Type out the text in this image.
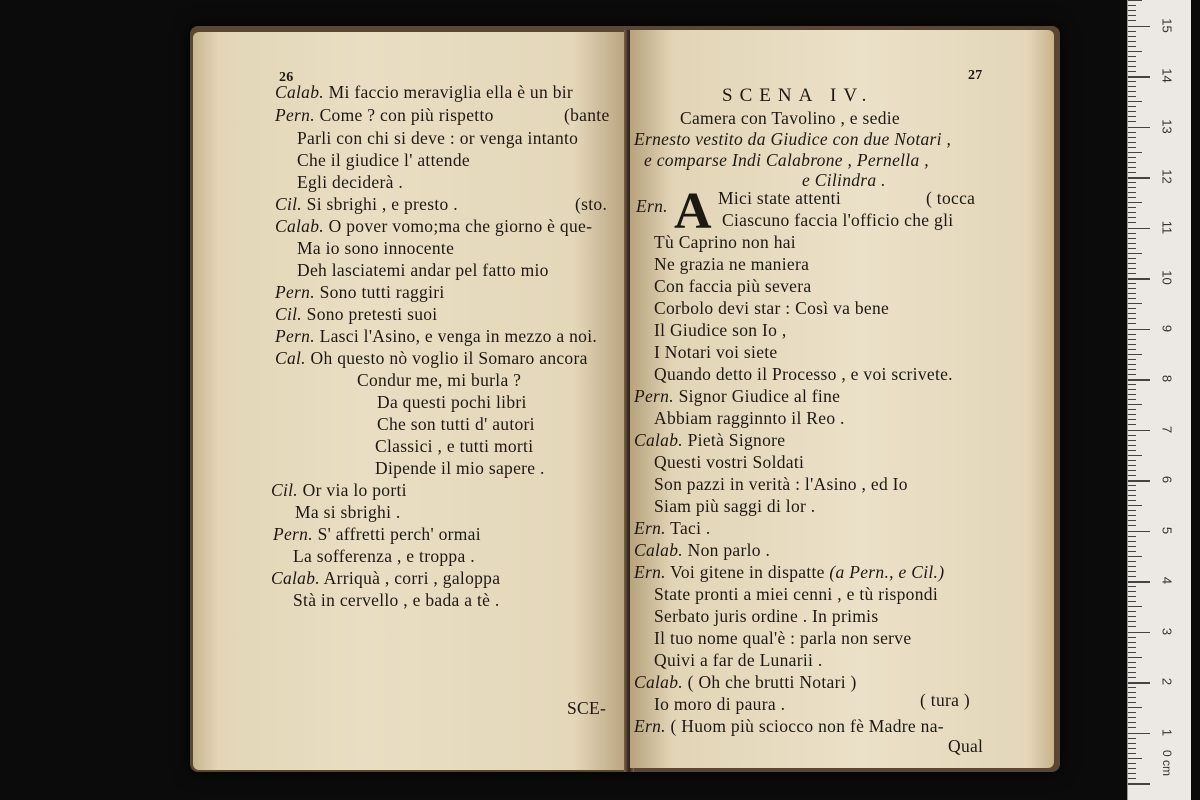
26
Calab. Mi faccio meraviglia ella è un bir
Pern. Come ? con più rispetto	(bante
Parli con chi si deve : or venga intanto
Che il giudice l' attende
Egli deciderà .
Cil. Si sbrighi , e presto .	(sto.
Calab. O pover vomo;ma che giorno è que-
Ma io sono innocente
Deh lasciatemi andar pel fatto mio
Pern. Sono tutti raggiri
Cil. Sono pretesti suoi
Pern. Lasci l'Asino, e venga in mezzo a noi.
Cal. Oh questo nò voglio il Somaro ancora
Condur me, mi burla ?
Da questi pochi libri
Che son tutti d' autori
Classici , e tutti morti
Dipende il mio sapere .
Cil. Or via lo porti
Ma si sbrighi .
Pern. S' affretti perch' ormai
La sofferenza , e troppa .
Calab. Arriquà , corri , galoppa
Stà in cervello , e bada a tè .
SCE-
27
SCENA IV.
Camera con Tavolino , e sedie
Ernesto vestito da Giudice con due Notari ,
e comparse Indi Calabrone , Pernella ,
e Cilindra .
Ern. A Mici state attenti	( tocca
Ciascuno faccia l'officio che gli
Tù Caprino non hai
Ne grazia ne maniera
Con faccia più severa
Corbolo devi star : Così va bene
Il Giudice son Io ,
I Notari voi siete
Quando detto il Processo , e voi scrivete.
Pern. Signor Giudice al fine
Abbiam ragginnto il Reo .
Calab. Pietà Signore
Questi vostri Soldati
Son pazzi in verità : l'Asino , ed Io
Siam più saggi di lor .
Ern. Taci .
Calab. Non parlo .
Ern. Voi gitene in dispatte (a Pern., e Cil.)
State pronti a miei cenni , e tù rispondi
Serbato juris ordine . In primis
Il tuo nome qual'è : parla non serve
Quivi a far de Lunarii .
Calab. ( Oh che brutti Notari )
Io moro di paura .	( tura )
Ern. ( Huom più sciocco non fè Madre na-
Qual
0 cm
15
14
13
12
11
10
9
8
7
6
5
4
3
2
1
